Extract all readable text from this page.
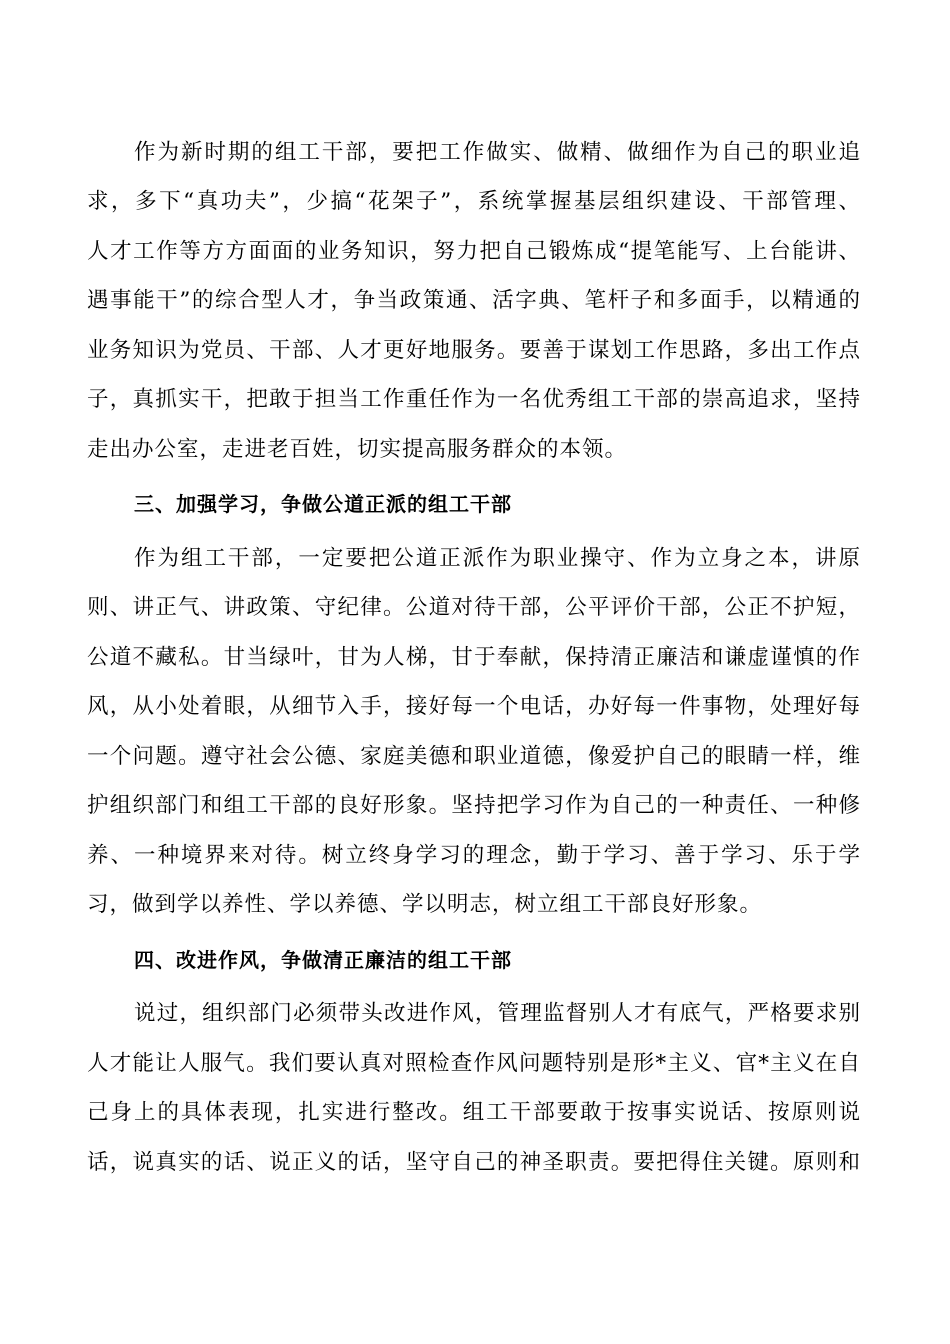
作为新时期的组工干部，要把工作做实、做精、做细作为自己的职业追
求，多下“真功夫”，少搞“花架子”，系统掌握基层组织建设、干部管理、
人才工作等方方面面的业务知识，努力把自己锻炼成“提笔能写、上台能讲、
遇事能干”的综合型人才，争当政策通、活字典、笔杆子和多面手，以精通的
业务知识为党员、干部、人才更好地服务。要善于谋划工作思路，多出工作点
子，真抓实干，把敢于担当工作重任作为一名优秀组工干部的崇高追求，坚持
走出办公室，走进老百姓，切实提高服务群众的本领。
三、加强学习，争做公道正派的组工干部
作为组工干部，一定要把公道正派作为职业操守、作为立身之本，讲原
则、讲正气、讲政策、守纪律。公道对待干部，公平评价干部，公正不护短，
公道不藏私。甘当绿叶，甘为人梯，甘于奉献，保持清正廉洁和谦虚谨慎的作
风，从小处着眼，从细节入手，接好每一个电话，办好每一件事物，处理好每
一个问题。遵守社会公德、家庭美德和职业道德，像爱护自己的眼睛一样，维
护组织部门和组工干部的良好形象。坚持把学习作为自己的一种责任、一种修
养、一种境界来对待。树立终身学习的理念，勤于学习、善于学习、乐于学
习，做到学以养性、学以养德、学以明志，树立组工干部良好形象。
四、改进作风，争做清正廉洁的组工干部
说过，组织部门必须带头改进作风，管理监督别人才有底气，严格要求别
人才能让人服气。我们要认真对照检查作风问题特别是形*主义、官*主义在自
己身上的具体表现，扎实进行整改。组工干部要敢于按事实说话、按原则说
话，说真实的话、说正义的话，坚守自己的神圣职责。要把得住关键。原则和
